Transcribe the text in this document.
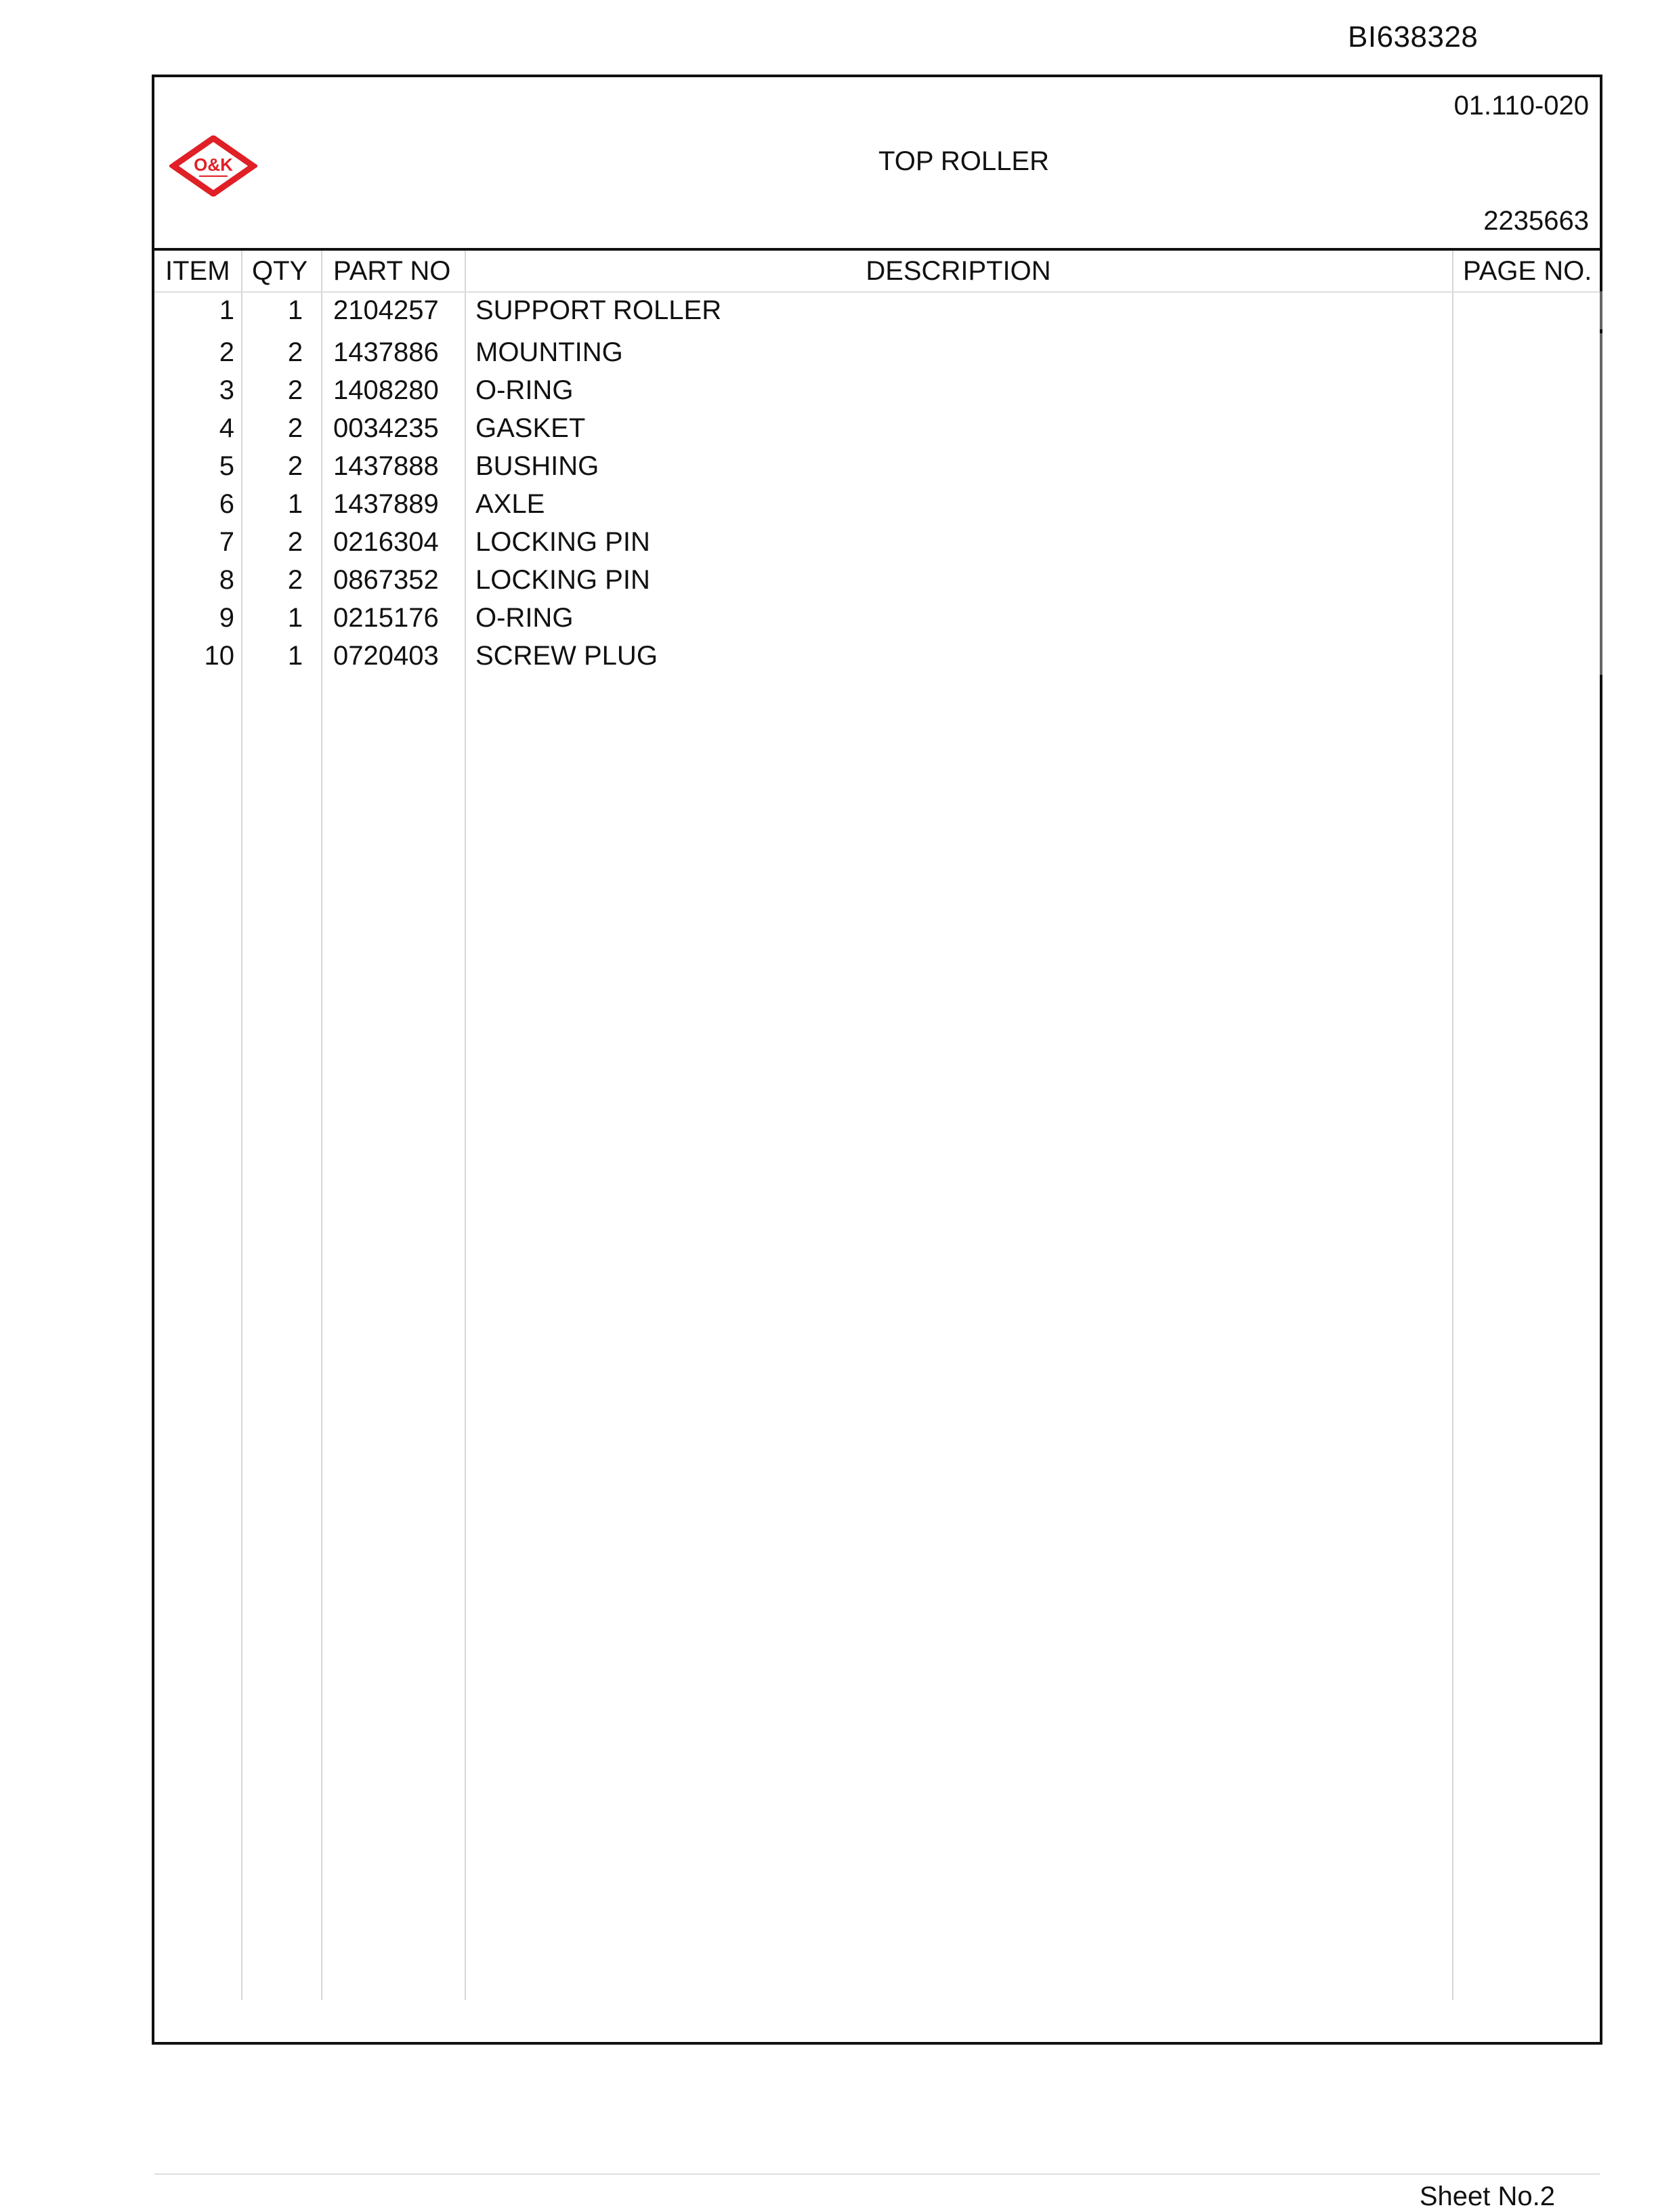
BI638328
O&K
01.110-020
TOP ROLLER
2235663
ITEM QTY PART NO	DESCRIPTION	PAGE NO.
1	1	2104257 SUPPORT ROLLER
2	2	1437886 MOUNTING
3	2	1408280 O-RING
4	2	0034235 GASKET
5	2	1437888 BUSHING
6	1	1437889 AXLE
7	2	0216304 LOCKING PIN
8	2	0867352 LOCKING PIN
9	1	0215176 O-RING
10	1	0720403 SCREW PLUG
Sheet No.2
